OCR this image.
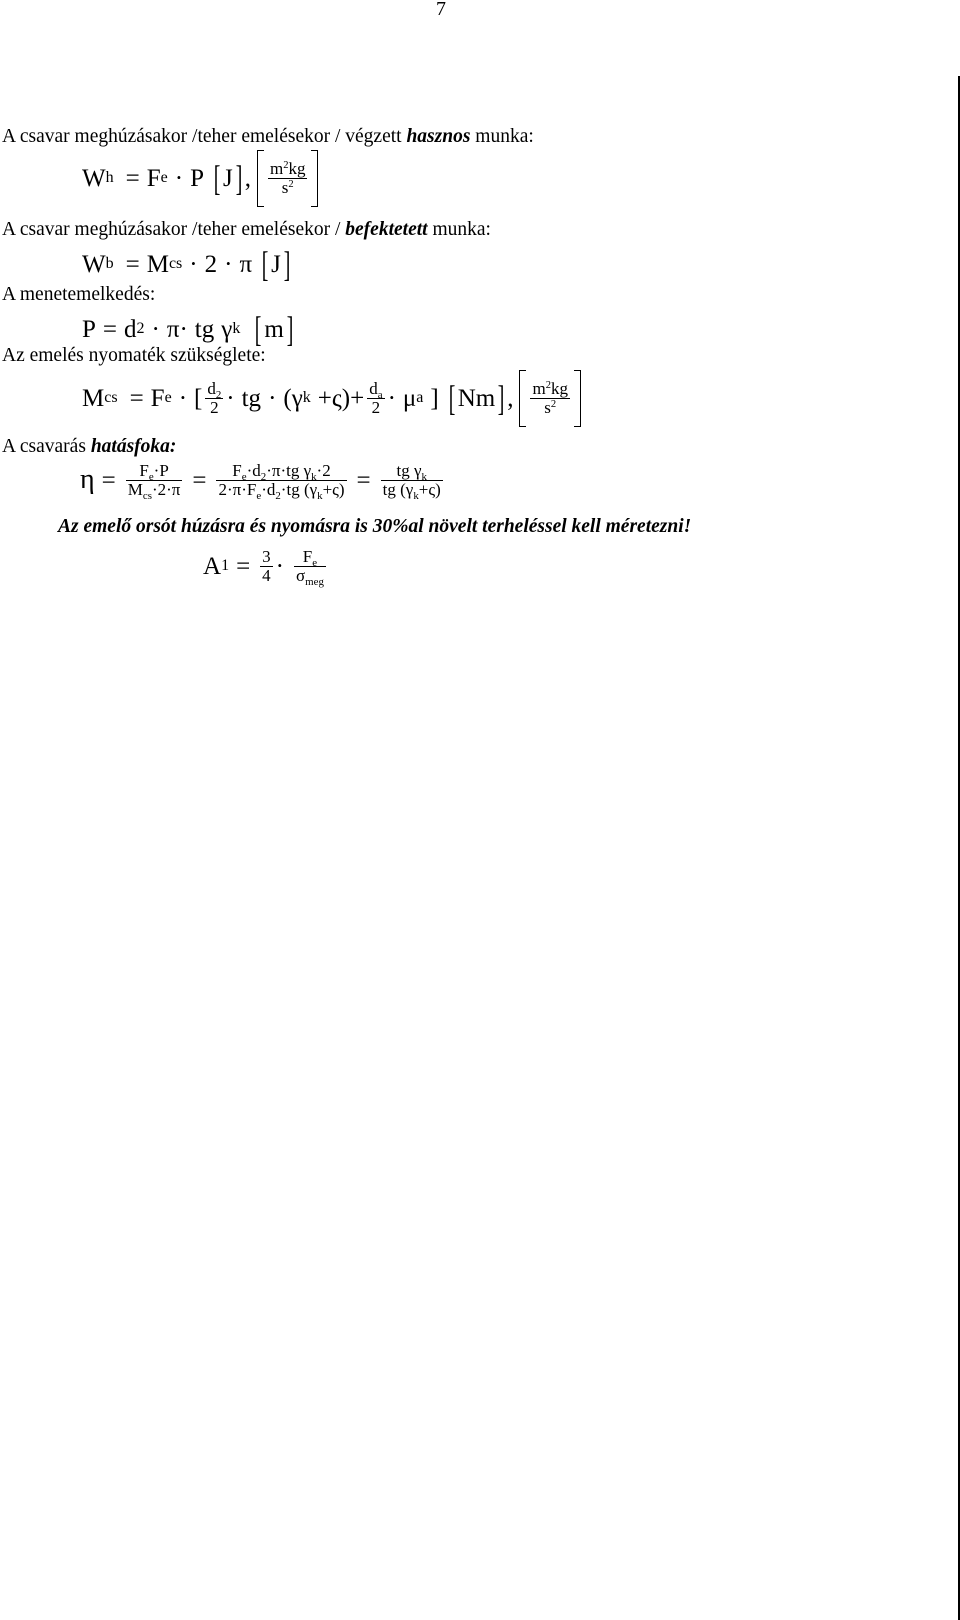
7
A csavar meghúzásakor /teher emelésekor / végzett hasznos munka:
W h = F e · P [ J ] , $\frac{m^2kg}{s^2}$
A csavar meghúzásakor /teher emelésekor / befektetett munka:
W b = M cs · 2 · π [ J ]
A menetemelkedés:
P = d 2 · π · tg γ k [ m ]
Az emelés nyomaték szükséglete:
M cs = F e · [ $\frac{d_2}{2}$ · tg · ( γ k + ς ) + $\frac{d_a}{2} \cdot \mu$ a ] [ Nm ] , $\frac{m^2kg}{s^2}$
A csavarás hatásfoka:
$\eta = \frac{F_e\cdot P}{M_{cs}\cdot 2\cdot\pi} = \frac{F_e\cdot d_2\cdot\pi\cdot tg \gamma_k\cdot 2}{2\cdot\pi\cdot F_e\cdot d_2\cdot tg (\gamma_k+\varsigma)} = \frac{tg \gamma_k}{tg (\gamma_k+\varsigma)}$
Az emelő orsót húzásra és nyomásra is 30%al növelt terheléssel kell méretezni!
A $1 = \frac{3}{4} \cdot \frac{F_e}{\sigma_{meg}}$
